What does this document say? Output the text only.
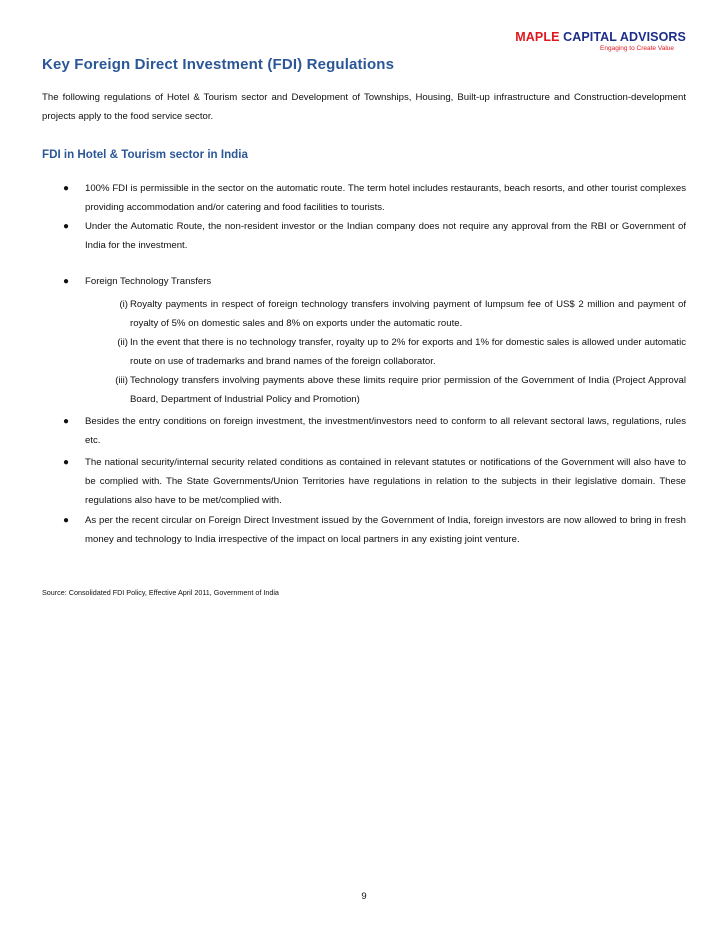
MAPLE CAPITAL ADVISORS
Engaging to Create Value
Key Foreign Direct Investment (FDI) Regulations

The following regulations of Hotel & Tourism sector and Development of Townships, Housing, Built-up infrastructure and Construction-development projects apply to the food service sector.

FDI in Hotel & Tourism sector in India
● 100% FDI is permissible in the sector on the automatic route. The term hotel includes restaurants, beach resorts, and other tourist complexes providing accommodation and/or catering and food facilities to tourists.
● Under the Automatic Route, the non-resident investor or the Indian company does not require any approval from the RBI or Government of India for the investment.
● Foreign Technology Transfers
(i) Royalty payments in respect of foreign technology transfers involving payment of lumpsum fee of US$ 2 million and payment of royalty of 5% on domestic sales and 8% on exports under the automatic route.
(ii) In the event that there is no technology transfer, royalty up to 2% for exports and 1% for domestic sales is allowed under automatic route on use of trademarks and brand names of the foreign collaborator.
(iii) Technology transfers involving payments above these limits require prior permission of the Government of India (Project Approval Board, Department of Industrial Policy and Promotion)
● Besides the entry conditions on foreign investment, the investment/investors need to conform to all relevant sectoral laws, regulations, rules etc.
● The national security/internal security related conditions as contained in relevant statutes or notifications of the Government will also have to be complied with. The State Governments/Union Territories have regulations in relation to the subjects in their legislative domain. These regulations also have to be met/complied with.
● As per the recent circular on Foreign Direct Investment issued by the Government of India, foreign investors are now allowed to bring in fresh money and technology to India irrespective of the impact on local partners in any existing joint venture.

Source: Consolidated FDI Policy, Effective April 2011, Government of India

9
